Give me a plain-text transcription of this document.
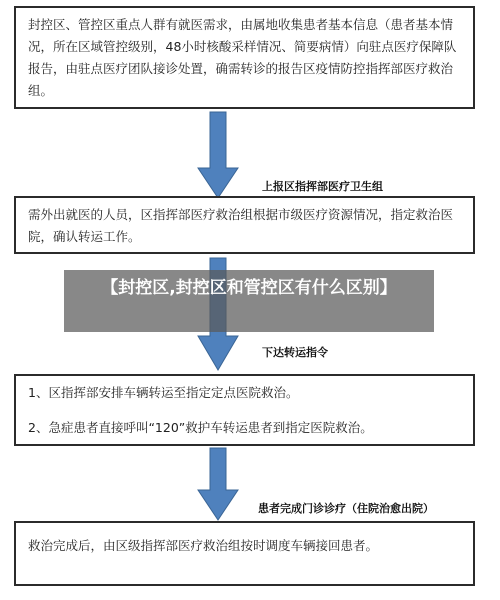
封控区、管控区重点人群有就医需求，由属地收集患者基本信息（患者基本情况，所在区域管控级别，48小时核酸采样情况、简要病情）向驻点医疗保障队报告，由驻点医疗团队接诊处置，确需转诊的报告区疫情防控指挥部医疗救治组。

上报区指挥部医疗卫生组

需外出就医的人员，区指挥部医疗救治组根据市级医疗资源情况，指定救治医院，确认转运工作。

下达转运指令

1、区指挥部安排车辆转运至指定定点医院救治。

2、急症患者直接呼叫“120”救护车转运患者到指定医院救治。

患者完成门诊诊疗（住院治愈出院）

救治完成后，由区级指挥部医疗救治组按时调度车辆接回患者。

【封控区,封控区和管控区有什么区别】
